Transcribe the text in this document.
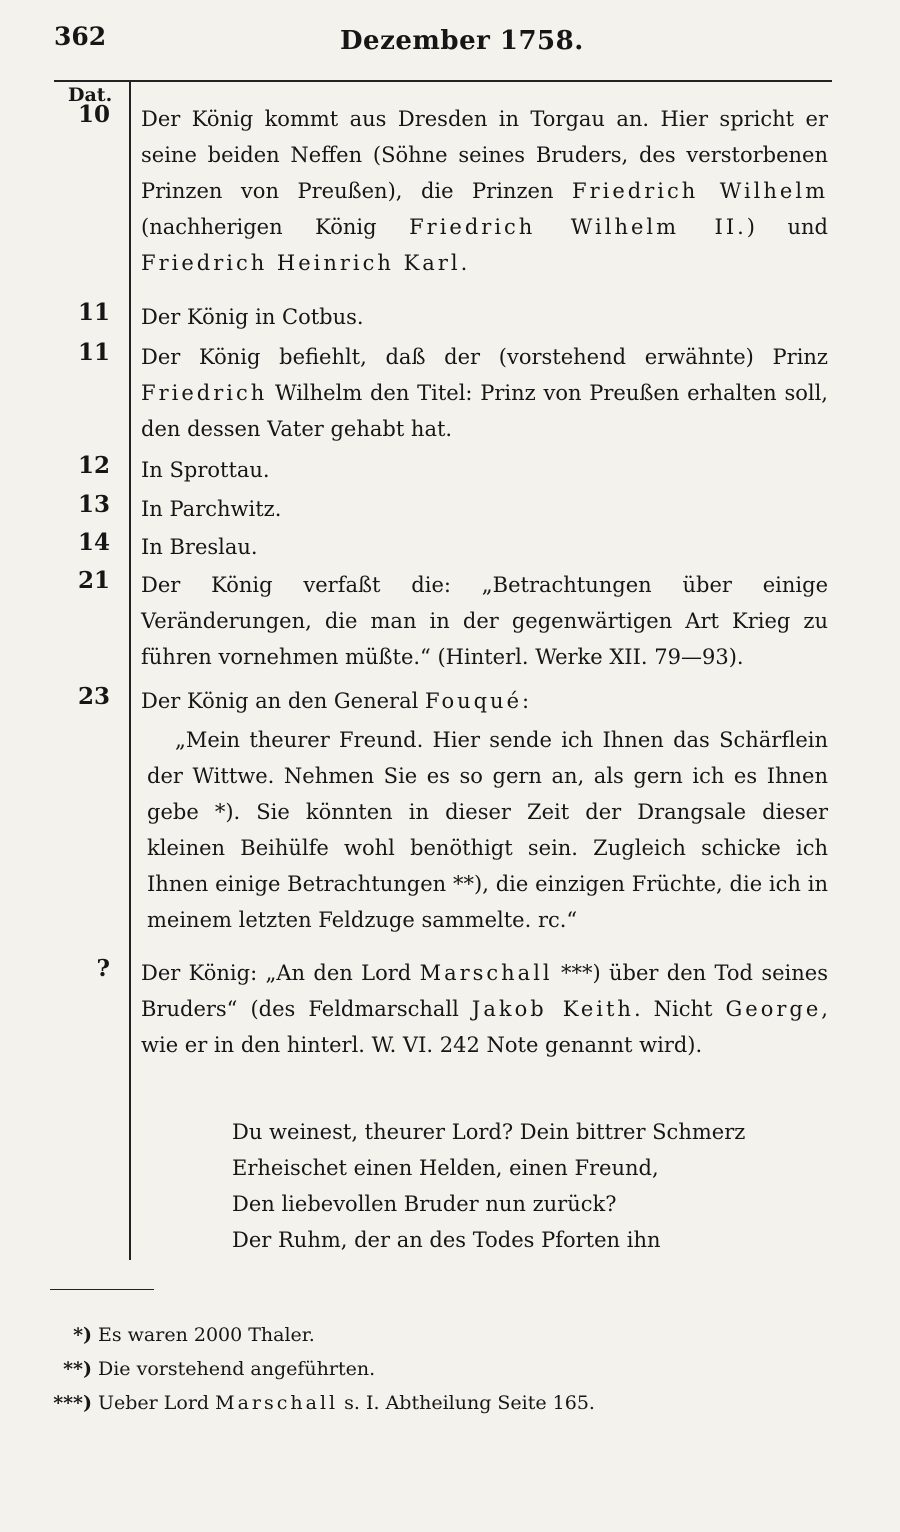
362	Dezember 1758.
Dat.
10 Der König kommt aus Dresden in Torgau an. Hier spricht er seine beiden Neffen (Söhne seines Bruders, des verstorbenen Prinzen von Preußen), die Prinzen Friedrich Wilhelm (nachherigen König Friedrich Wilhelm II.) und Friedrich Heinrich Karl.
11 Der König in Cotbus.
11 Der König befiehlt, daß der (vorstehend erwähnte) Prinz Friedrich Wilhelm den Titel: Prinz von Preußen erhalten soll, den dessen Vater gehabt hat.
12 In Sprottau.
13 In Parchwitz.
14 In Breslau.
21 Der König verfaßt die: „Betrachtungen über einige Veränderungen, die man in der gegenwärtigen Art Krieg zu führen vornehmen müßte.“ (Hinterl. Werke XII. 79—93).
23 Der König an den General Fouqué:
„Mein theurer Freund. Hier sende ich Ihnen das Schärflein der Wittwe. Nehmen Sie es so gern an, als gern ich es Ihnen gebe *). Sie könnten in dieser Zeit der Drangsale dieser kleinen Beihülfe wohl benöthigt sein. Zugleich schicke ich Ihnen einige Betrachtungen **), die einzigen Früchte, die ich in meinem letzten Feldzuge sammelte. rc.“
? Der König: „An den Lord Marschall ***) über den Tod seines Bruders“ (des Feldmarschall Jakob Keith. Nicht George, wie er in den hinterl. W. VI. 242 Note genannt wird).
Du weinest, theurer Lord? Dein bittrer Schmerz
Erheischet einen Helden, einen Freund,
Den liebevollen Bruder nun zurück?
Der Ruhm, der an des Todes Pforten ihn
*) Es waren 2000 Thaler.
**) Die vorstehend angeführten.
***) Ueber Lord Marschall s. I. Abtheilung Seite 165.
